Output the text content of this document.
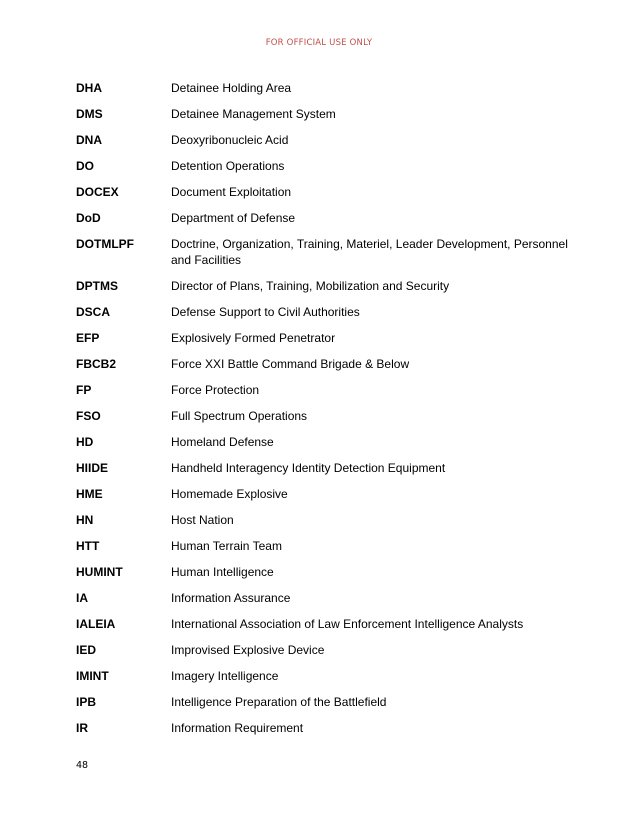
FOR OFFICIAL USE ONLY
DHA	Detainee Holding Area
DMS	Detainee Management System
DNA	Deoxyribonucleic Acid
DO	Detention Operations
DOCEX	Document Exploitation
DoD	Department of Defense
DOTMLPF	Doctrine, Organization, Training, Materiel, Leader Development, Personnel and Facilities
DPTMS	Director of Plans, Training, Mobilization and Security
DSCA	Defense Support to Civil Authorities
EFP	Explosively Formed Penetrator
FBCB2	Force XXI Battle Command Brigade & Below
FP	Force Protection
FSO	Full Spectrum Operations
HD	Homeland Defense
HIIDE	Handheld Interagency Identity Detection Equipment
HME	Homemade Explosive
HN	Host Nation
HTT	Human Terrain Team
HUMINT	Human Intelligence
IA	Information Assurance
IALEIA	International Association of Law Enforcement Intelligence Analysts
IED	Improvised Explosive Device
IMINT	Imagery Intelligence
IPB	Intelligence Preparation of the Battlefield
IR	Information Requirement
48
